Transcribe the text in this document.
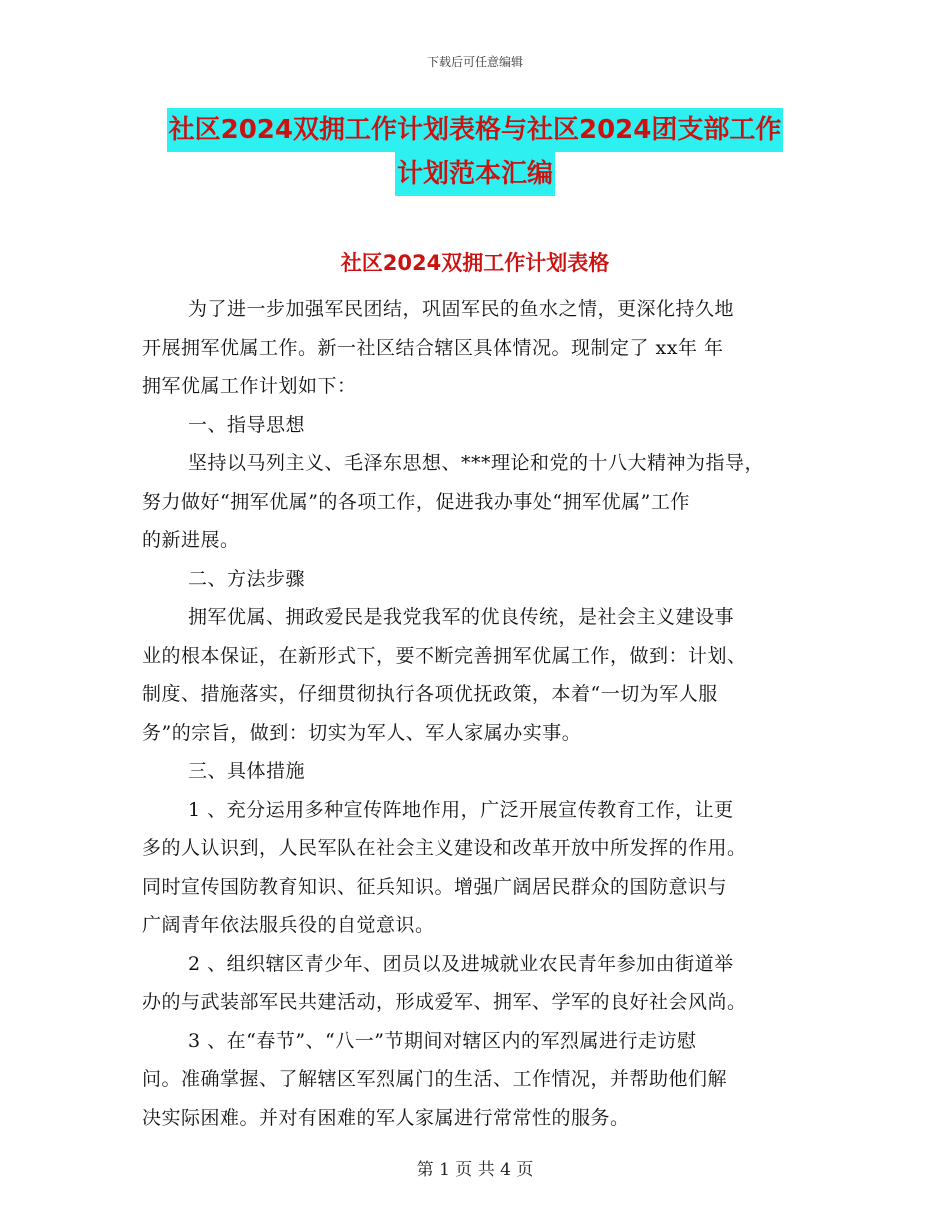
下载后可任意编辑
社区2024双拥工作计划表格与社区2024团支部工作
计划范本汇编
社区2024双拥工作计划表格
为了进一步加强军民团结，巩固军民的鱼水之情，更深化持久地
开展拥军优属工作。新一社区结合辖区具体情况。现制定了 xx年 年
拥军优属工作计划如下：
一、指导思想
坚持以马列主义、毛泽东思想、***理论和党的十八大精神为指导，
努力做好“拥军优属”的各项工作，促进我办事处“拥军优属”工作
的新进展。
二、方法步骤
拥军优属、拥政爱民是我党我军的优良传统，是社会主义建设事
业的根本保证，在新形式下，要不断完善拥军优属工作，做到：计划、
制度、措施落实，仔细贯彻执行各项优抚政策，本着“一切为军人服
务”的宗旨，做到：切实为军人、军人家属办实事。
三、具体措施
1 、充分运用多种宣传阵地作用，广泛开展宣传教育工作，让更
多的人认识到，人民军队在社会主义建设和改革开放中所发挥的作用。
同时宣传国防教育知识、征兵知识。增强广阔居民群众的国防意识与
广阔青年依法服兵役的自觉意识。
2 、组织辖区青少年、团员以及进城就业农民青年参加由街道举
办的与武装部军民共建活动，形成爱军、拥军、学军的良好社会风尚。
3 、在“春节”、“八一”节期间对辖区内的军烈属进行走访慰
问。准确掌握、了解辖区军烈属门的生活、工作情况，并帮助他们解
决实际困难。并对有困难的军人家属进行常常性的服务。
第 1 页 共 4 页
